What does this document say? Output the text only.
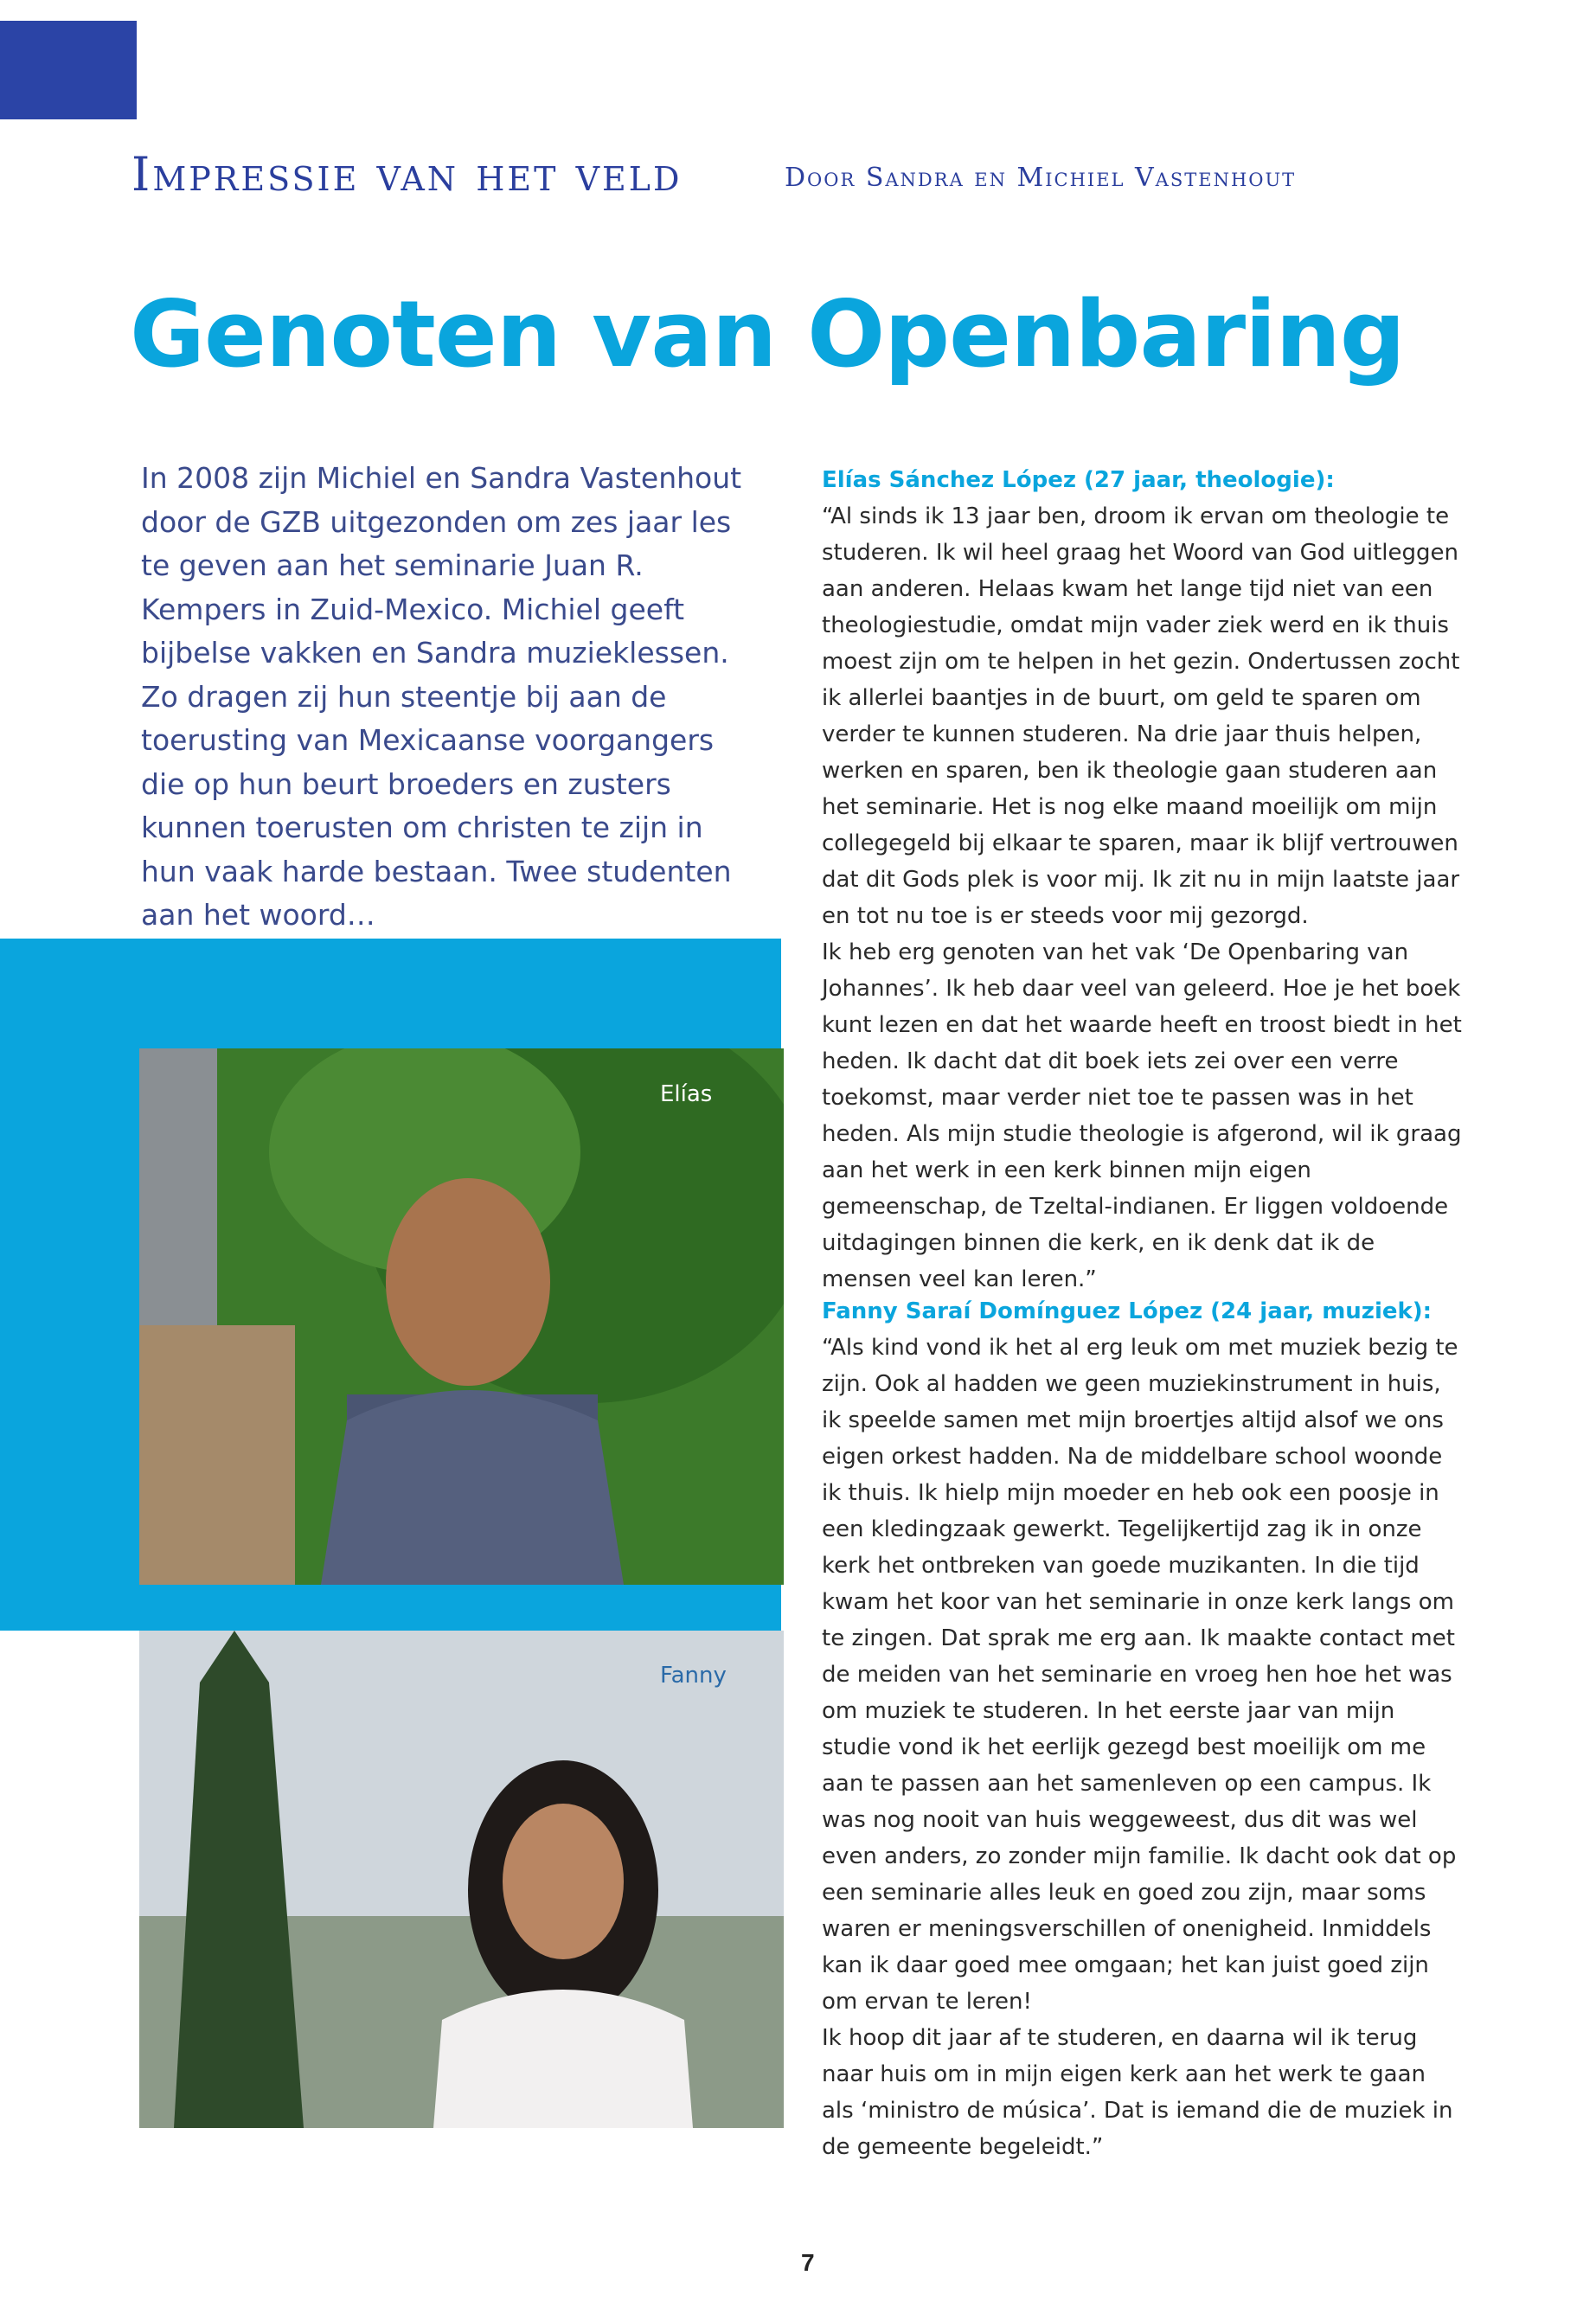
Impressie van het veld	Door Sandra en Michiel Vastenhout
Genoten van Openbaring

In 2008 zijn Michiel en Sandra Vastenhout door de GZB uitgezonden om zes jaar les te geven aan het seminarie Juan R. Kempers in Zuid-Mexico. Michiel geeft bijbelse vakken en Sandra muzieklessen. Zo dragen zij hun steentje bij aan de toerusting van Mexicaanse voorgangers die op hun beurt broeders en zusters kunnen toerusten om christen te zijn in hun vaak harde bestaan. Twee studenten aan het woord…

Elías
Fanny

Elías Sánchez López (27 jaar, theologie):

“Al sinds ik 13 jaar ben, droom ik ervan om theologie te studeren. Ik wil heel graag het Woord van God uitleggen aan anderen. Helaas kwam het lange tijd niet van een theologiestudie, omdat mijn vader ziek werd en ik thuis moest zijn om te helpen in het gezin. Ondertussen zocht ik allerlei baantjes in de buurt, om geld te sparen om verder te kunnen studeren. Na drie jaar thuis helpen, werken en sparen, ben ik theologie gaan studeren aan het seminarie. Het is nog elke maand moeilijk om mijn collegegeld bij elkaar te sparen, maar ik blijf vertrouwen dat dit Gods plek is voor mij. Ik zit nu in mijn laatste jaar en tot nu toe is er steeds voor mij gezorgd.

Ik heb erg genoten van het vak ‘De Openbaring van Johannes’. Ik heb daar veel van geleerd. Hoe je het boek kunt lezen en dat het waarde heeft en troost biedt in het heden. Ik dacht dat dit boek iets zei over een verre toekomst, maar verder niet toe te passen was in het heden. Als mijn studie theologie is afgerond, wil ik graag aan het werk in een kerk binnen mijn eigen gemeenschap, de Tzeltal-indianen. Er liggen voldoende uitdagingen binnen die kerk, en ik denk dat ik de mensen veel kan leren.”

Fanny Saraí Domínguez López (24 jaar, muziek):

“Als kind vond ik het al erg leuk om met muziek bezig te zijn. Ook al hadden we geen muziekinstrument in huis, ik speelde samen met mijn broertjes altijd alsof we ons eigen orkest hadden. Na de middelbare school woonde ik thuis. Ik hielp mijn moeder en heb ook een poosje in een kledingzaak gewerkt. Tegelijkertijd zag ik in onze kerk het ontbreken van goede muzikanten. In die tijd kwam het koor van het seminarie in onze kerk langs om te zingen. Dat sprak me erg aan. Ik maakte contact met de meiden van het seminarie en vroeg hen hoe het was om muziek te studeren. In het eerste jaar van mijn studie vond ik het eerlijk gezegd best moeilijk om me aan te passen aan het samenleven op een campus. Ik was nog nooit van huis weggeweest, dus dit was wel even anders, zo zonder mijn familie. Ik dacht ook dat op een seminarie alles leuk en goed zou zijn, maar soms waren er meningsverschillen of onenigheid. Inmiddels kan ik daar goed mee omgaan; het kan juist goed zijn om ervan te leren!

Ik hoop dit jaar af te studeren, en daarna wil ik terug naar huis om in mijn eigen kerk aan het werk te gaan als ‘ministro de música’. Dat is iemand die de muziek in de gemeente begeleidt.”

7
